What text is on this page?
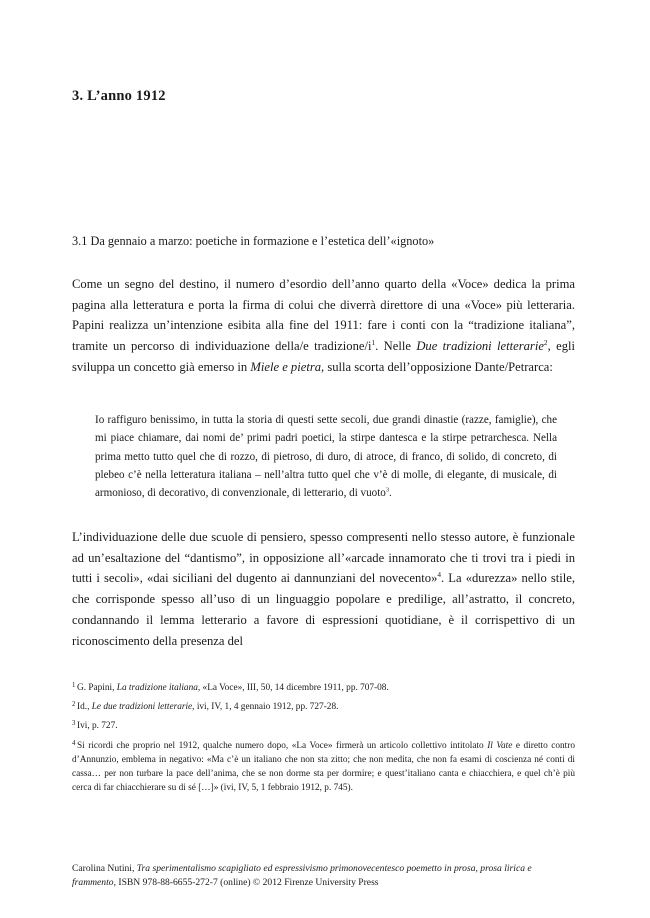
3. L’anno 1912
3.1 Da gennaio a marzo: poetiche in formazione e l’estetica dell’«ignoto»

Come un segno del destino, il numero d’esordio dell’anno quarto della «Voce» dedica la prima pagina alla letteratura e porta la firma di colui che diverrà direttore di una «Voce» più letteraria. Papini realizza un’intenzione esibita alla fine del 1911: fare i conti con la “tradizione italiana”, tramite un percorso di individuazione della/e tradizione/$i^1$. Nelle Due tradizioni letterarie$^2$, egli sviluppa un concetto già emerso in Miele e pietra, sulla scorta dell’opposizione Dante/Petrarca:

Io raffiguro benissimo, in tutta la storia di questi sette secoli, due grandi dinastie (razze, famiglie), che mi piace chiamare, dai nomi de’ primi padri poetici, la stirpe dantesca e la stirpe petrarchesca. Nella prima metto tutto quel che di rozzo, di pietroso, di duro, di atroce, di franco, di solido, di concreto, di plebeo c’è nella letteratura italiana – nell’altra tutto quel che v’è di molle, di elegante, di musicale, di armonioso, di decorativo, di convenzionale, di letterario, di vuoto$^3$.

L’individuazione delle due scuole di pensiero, spesso compresenti nello stesso autore, è funzionale ad un’esaltazione del “dantismo”, in opposizione all’«arcade innamorato che ti trovi tra i piedi in tutti i secoli», «dai siciliani del dugento ai dannunziani del novecento»$^4$. La «durezza» nello stile, che corrisponde spesso all’uso di un linguaggio popolare e predilige, all’astratto, il concreto, condannando il lemma letterario a favore di espressioni quotidiane, è il corrispettivo di un riconoscimento della presenza del

$^1$ G. Papini, La tradizione italiana, «La Voce», III, 50, 14 dicembre 1911, pp. 707-08.

$^2$ Id., Le due tradizioni letterarie, ivi, IV, 1, 4 gennaio 1912, pp. 727-28.

$^3$ Ivi, p. 727.

$^4$ Si ricordi che proprio nel 1912, qualche numero dopo, «La Voce» firmerà un articolo collettivo intitolato Il Vate e diretto contro d’Annunzio, emblema in negativo: «Ma c’è un italiano che non sta zitto; che non medita, che non fa esami di coscienza né conti di cassa… per non turbare la pace dell’anima, che se non dorme sta per dormire; e quest’italiano canta e chiacchiera, e quel ch’è più cerca di far chiacchierare su di sé […]» (ivi, IV, 5, 1 febbraio 1912, p. 745).

Carolina Nutini, Tra sperimentalismo scapigliato ed espressivismo primonovecentesco poemetto in prosa, prosa lirica e frammento, ISBN 978-88-6655-272-7 (online) © 2012 Firenze University Press
